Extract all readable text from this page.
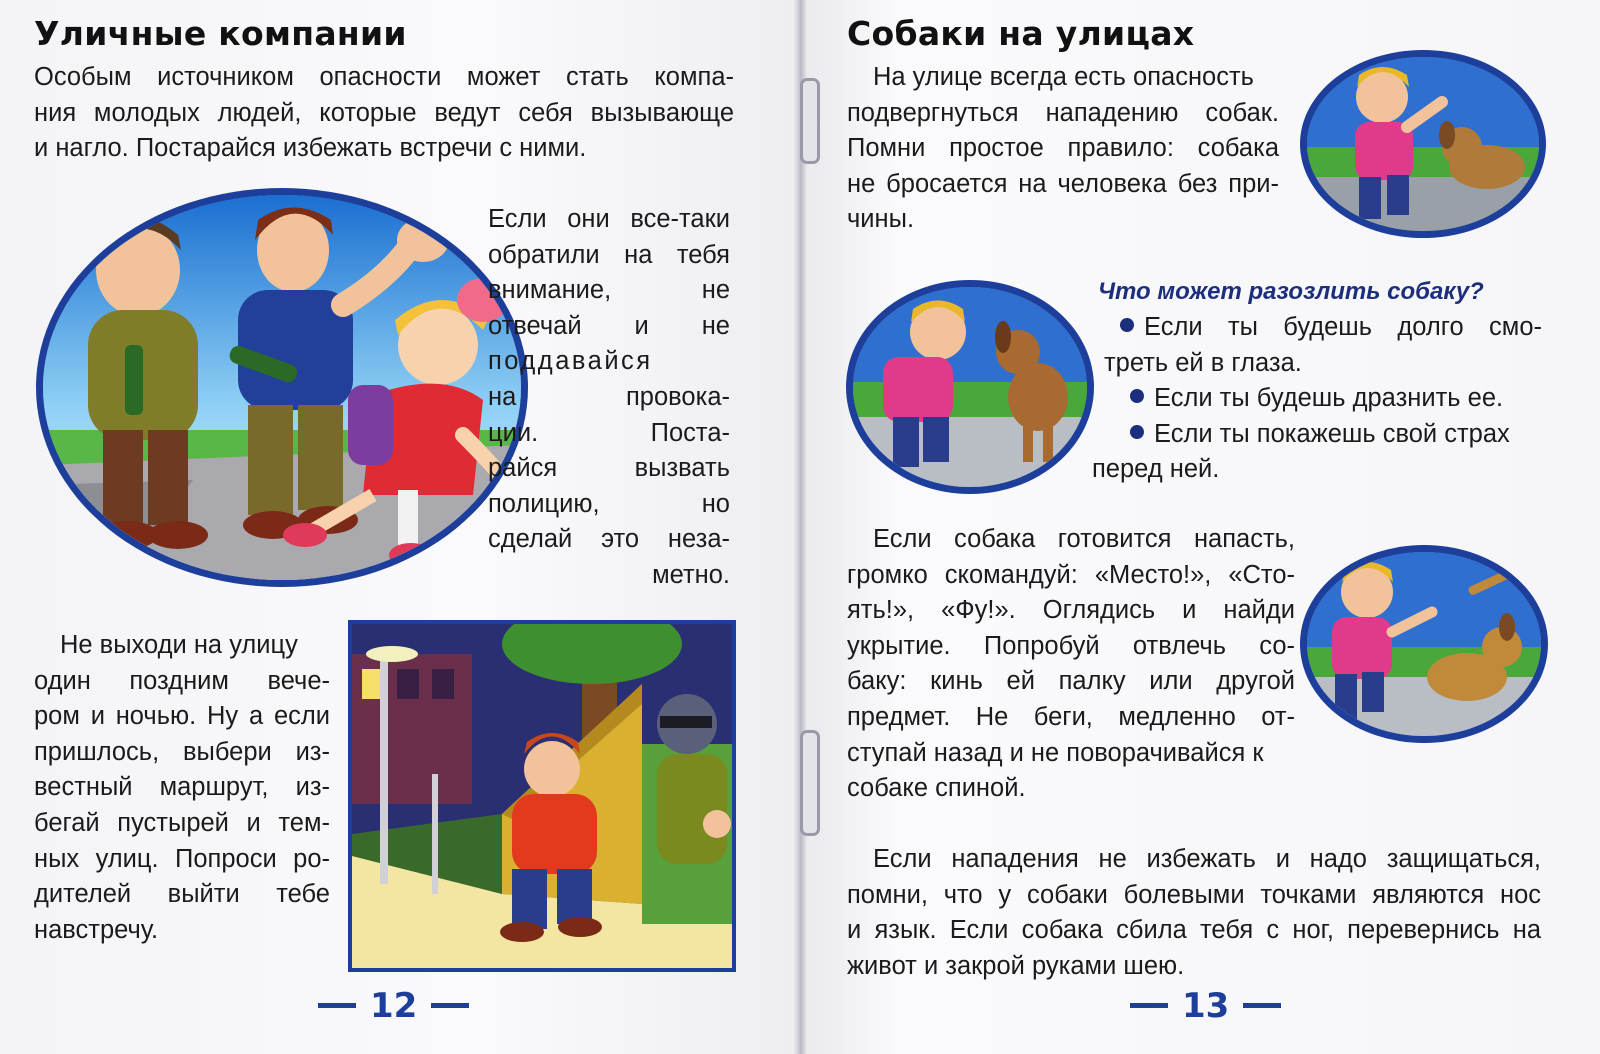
Уличные компании
Особым источником опасности может стать компа-
ния молодых людей, которые ведут себя вызывающе
и нагло. Постарайся избежать встречи с ними.
Если они все-таки
обратили на тебя
внимание, не
отвечай и не
поддавайся
на провока-
ции. Поста-
райся вызвать
полицию, но
сделай это неза-
метно.
Не выходи на улицу
один поздним вече-
ром и ночью. Ну а если
пришлось, выбери из-
вестный маршрут, из-
бегай пустырей и тем-
ных улиц. Попроси ро-
дителей выйти тебе
навстречу.
12
Собаки на улицах
На улице всегда есть опасность
подвергнуться нападению собак.
Помни простое правило: собака
не бросается на человека без при-
чины.

Что может разозлить собаку?

Если ты будешь долго смо-
треть ей в глаза.
Если ты будешь дразнить ее.
Если ты покажешь свой страх
перед ней.
Если собака готовится напасть,
громко скомандуй: «Место!», «Сто-
ять!», «Фу!». Оглядись и найди
укрытие. Попробуй отвлечь со-
баку: кинь ей палку или другой
предмет. Не беги, медленно от-
ступай назад и не поворачивайся к
собаке спиной.
Если нападения не избежать и надо защищаться,
помни, что у собаки болевыми точками являются нос
и язык. Если собака сбила тебя с ног, перевернись на
живот и закрой руками шею.
13
